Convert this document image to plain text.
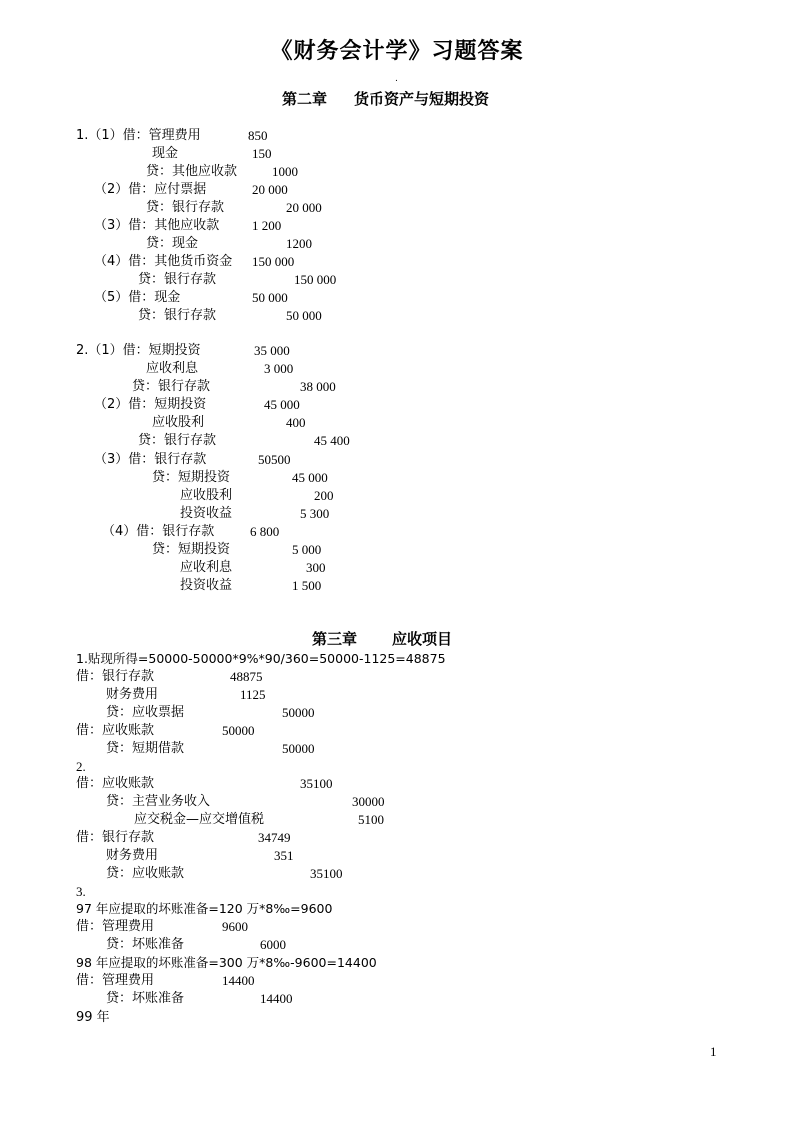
《财务会计学》习题答案
.
第二章 货币资产与短期投资
1.（1）借：管理费用	850
现金	150
贷：其他应收款	1000
（2）借：应付票据	20 000
贷：银行存款	20 000
（3）借：其他应收款	1 200
贷：现金	1200
（4）借：其他货币资金 150 000
贷：银行存款	150 000
（5）借：现金	50 000
贷：银行存款	50 000
2.（1）借：短期投资	35 000
应收利息	3 000
贷：银行存款	38 000
（2）借：短期投资	45 000
应收股利	400
贷：银行存款	45 400
（3）借：银行存款	50500
贷：短期投资	45 000
应收股利	200
投资收益	5 300
（4）借：银行存款	6 800
贷：短期投资	5 000
应收利息	300
投资收益	1 500
第三章 应收项目
1.贴现所得=50000-50000*9%*90/360=50000-1125=48875
借：银行存款	48875
财务费用	1125
贷：应收票据	50000
借：应收账款	50000
贷：短期借款	50000
2.
借：应收账款	35100
贷：主营业务收入	30000
应交税金—应交增值税	5100
借：银行存款	34749
财务费用	351
贷：应收账款	35100
3.
97 年应提取的坏账准备=120 万*8‰=9600
借：管理费用	9600
贷：坏账准备	6000
98 年应提取的坏账准备=300 万*8‰-9600=14400
借：管理费用	14400
贷：坏账准备	14400
99 年
1
